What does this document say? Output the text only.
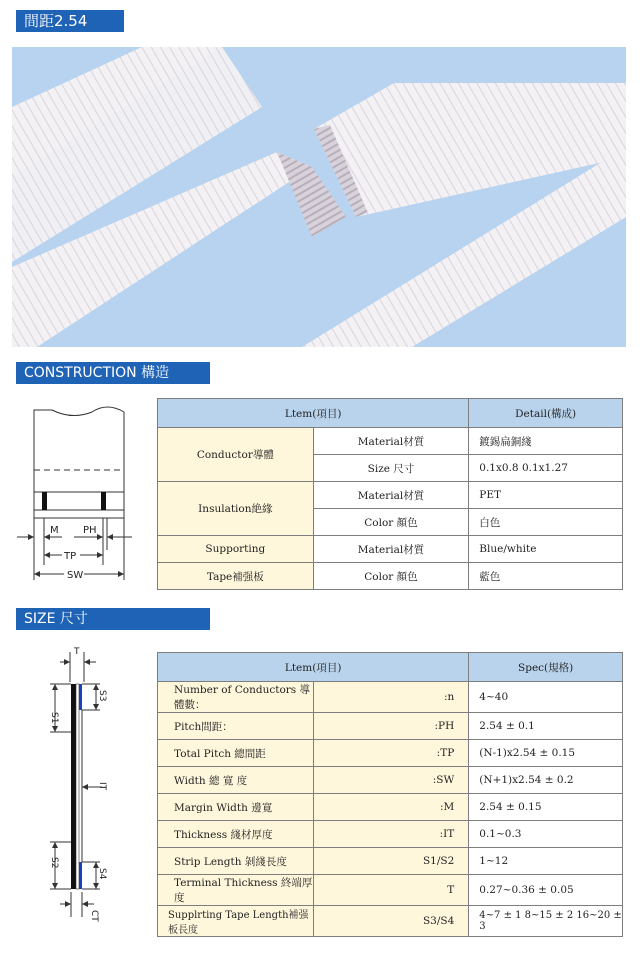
間距2.54
CONSTRUCTION 構造
M PH
TP
SW
Ltem(項目)		Detail(構成)
Conductor導體	Material材質	鍍錫扁銅綫
	Size 尺寸	0.1x0.8 0.1x1.27
Insulation絶緣	Material材質	PET
	Color 顏色	白色
Supporting	Material材質	Blue/white
Tape補强板	Color 顏色	藍色
SIZE 尺寸
T
S1
S3
IT
S2
S4
CT
Ltem(項目)		Spec(規格)
Number of Conductors 導體數：	:n	4~40
Pitch間距：	:PH	2.54 ± 0.1
Total Pitch 總間距	:TP	(N-1)x2.54 ± 0.15
Width 總 寛 度	:SW	(N+1)x2.54 ± 0.2
Margin Width 邊寛	:M	2.54 ± 0.15
Thickness 綫材厚度	:IT	0.1~0.3
Strip Length 剝綫長度	S1/S2	1~12
Terminal Thickness 終端厚度	T	0.27~0.36 ± 0.05
Supplrting Tape Length補强板長度	S3/S4	4~7 ± 1 8~15 ± 2 16~20 ± 3
